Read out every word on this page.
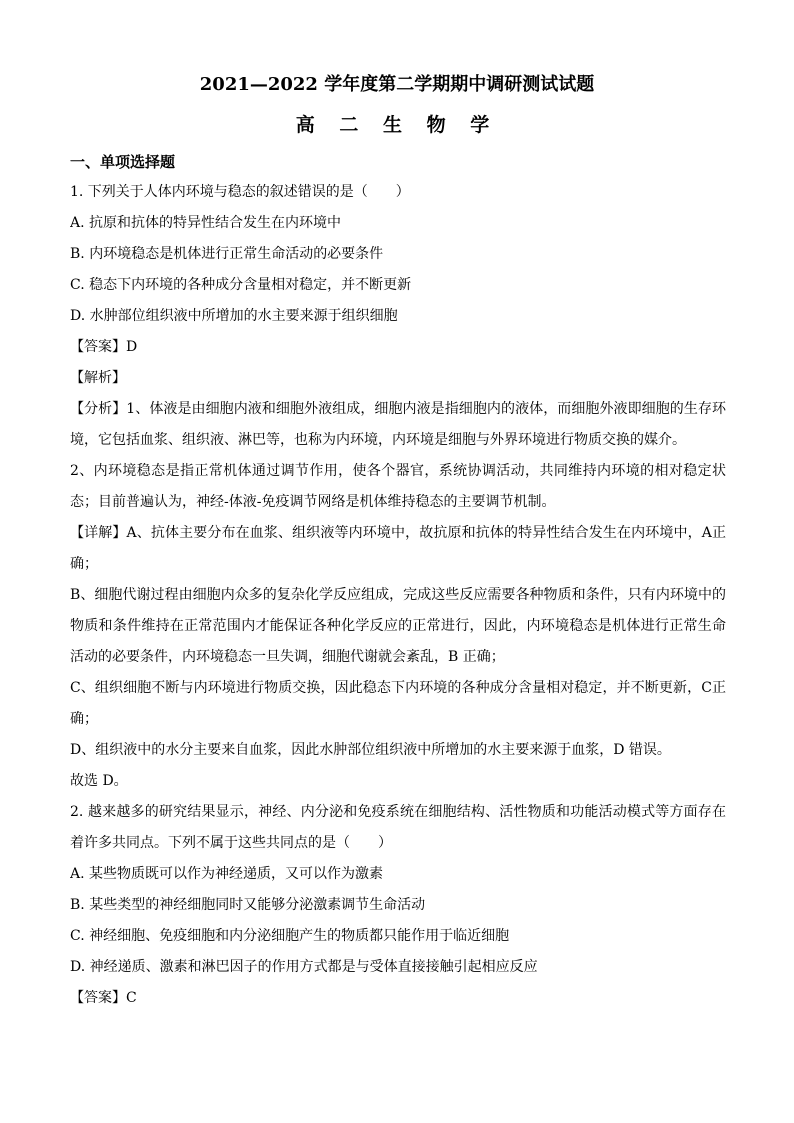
2021—2022 学年度第二学期期中调研测试试题
高 二 生 物 学
一、单项选择题
1. 下列关于人体内环境与稳态的叙述错误的是（　　）
A. 抗原和抗体的特异性结合发生在内环境中
B. 内环境稳态是机体进行正常生命活动的必要条件
C. 稳态下内环境的各种成分含量相对稳定，并不断更新
D. 水肿部位组织液中所增加的水主要来源于组织细胞
【答案】D
【解析】
【分析】1、体液是由细胞内液和细胞外液组成，细胞内液是指细胞内的液体，而细胞外液即细胞的生存环境，它包括血浆、组织液、淋巴等，也称为内环境，内环境是细胞与外界环境进行物质交换的媒介。
2、内环境稳态是指正常机体通过调节作用，使各个器官，系统协调活动，共同维持内环境的相对稳定状态；目前普遍认为，神经-体液-免疫调节网络是机体维持稳态的主要调节机制。
【详解】A、抗体主要分布在血浆、组织液等内环境中，故抗原和抗体的特异性结合发生在内环境中，A正确；
B、细胞代谢过程由细胞内众多的复杂化学反应组成，完成这些反应需要各种物质和条件，只有内环境中的物质和条件维持在正常范围内才能保证各种化学反应的正常进行，因此，内环境稳态是机体进行正常生命活动的必要条件，内环境稳态一旦失调，细胞代谢就会紊乱，B 正确；
C、组织细胞不断与内环境进行物质交换，因此稳态下内环境的各种成分含量相对稳定，并不断更新，C正确；
D、组织液中的水分主要来自血浆，因此水肿部位组织液中所增加的水主要来源于血浆，D 错误。
故选 D。
2. 越来越多的研究结果显示，神经、内分泌和免疫系统在细胞结构、活性物质和功能活动模式等方面存在着许多共同点。下列不属于这些共同点的是（　　）
A. 某些物质既可以作为神经递质，又可以作为激素
B. 某些类型的神经细胞同时又能够分泌激素调节生命活动
C. 神经细胞、免疫细胞和内分泌细胞产生的物质都只能作用于临近细胞
D. 神经递质、激素和淋巴因子的作用方式都是与受体直接接触引起相应反应
【答案】C
